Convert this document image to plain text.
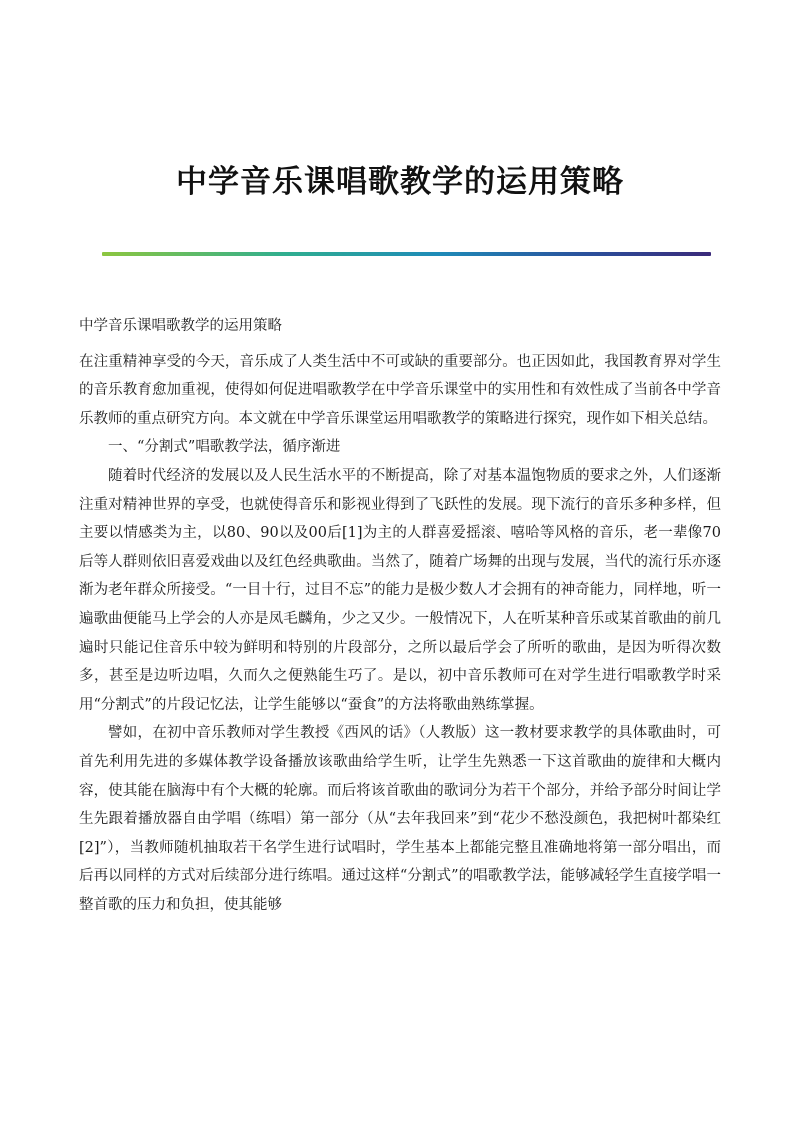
中学音乐课唱歌教学的运用策略

中学音乐课唱歌教学的运用策略

在注重精神享受的今天，音乐成了人类生活中不可或缺的重要部分。也正因如此，我国教育界对学生的音乐教育愈加重视，使得如何促进唱歌教学在中学音乐课堂中的实用性和有效性成了当前各中学音乐教师的重点研究方向。本文就在中学音乐课堂运用唱歌教学的策略进行探究，现作如下相关总结。

一、“分割式”唱歌教学法，循序渐进

随着时代经济的发展以及人民生活水平的不断提高，除了对基本温饱物质的要求之外，人们逐渐注重对精神世界的享受，也就使得音乐和影视业得到了飞跃性的发展。现下流行的音乐多种多样，但主要以情感类为主，以80、90以及00后[1]为主的人群喜爱摇滚、嘻哈等风格的音乐，老一辈像70后等人群则依旧喜爱戏曲以及红色经典歌曲。当然了，随着广场舞的出现与发展，当代的流行乐亦逐渐为老年群众所接受。“一目十行，过目不忘”的能力是极少数人才会拥有的神奇能力，同样地，听一遍歌曲便能马上学会的人亦是凤毛麟角，少之又少。一般情况下，人在听某种音乐或某首歌曲的前几遍时只能记住音乐中较为鲜明和特别的片段部分，之所以最后学会了所听的歌曲，是因为听得次数多，甚至是边听边唱，久而久之便熟能生巧了。是以，初中音乐教师可在对学生进行唱歌教学时采用“分割式”的片段记忆法，让学生能够以“蚕食”的方法将歌曲熟练掌握。

譬如，在初中音乐教师对学生教授《西风的话》（人教版）这一教材要求教学的具体歌曲时，可首先利用先进的多媒体教学设备播放该歌曲给学生听，让学生先熟悉一下这首歌曲的旋律和大概内容，使其能在脑海中有个大概的轮廓。而后将该首歌曲的歌词分为若干个部分，并给予部分时间让学生先跟着播放器自由学唱（练唱）第一部分（从“去年我回来”到“花少不愁没颜色，我把树叶都染红[2]”），当教师随机抽取若干名学生进行试唱时，学生基本上都能完整且准确地将第一部分唱出，而后再以同样的方式对后续部分进行练唱。通过这样“分割式”的唱歌教学法，能够减轻学生直接学唱一整首歌的压力和负担，使其能够
